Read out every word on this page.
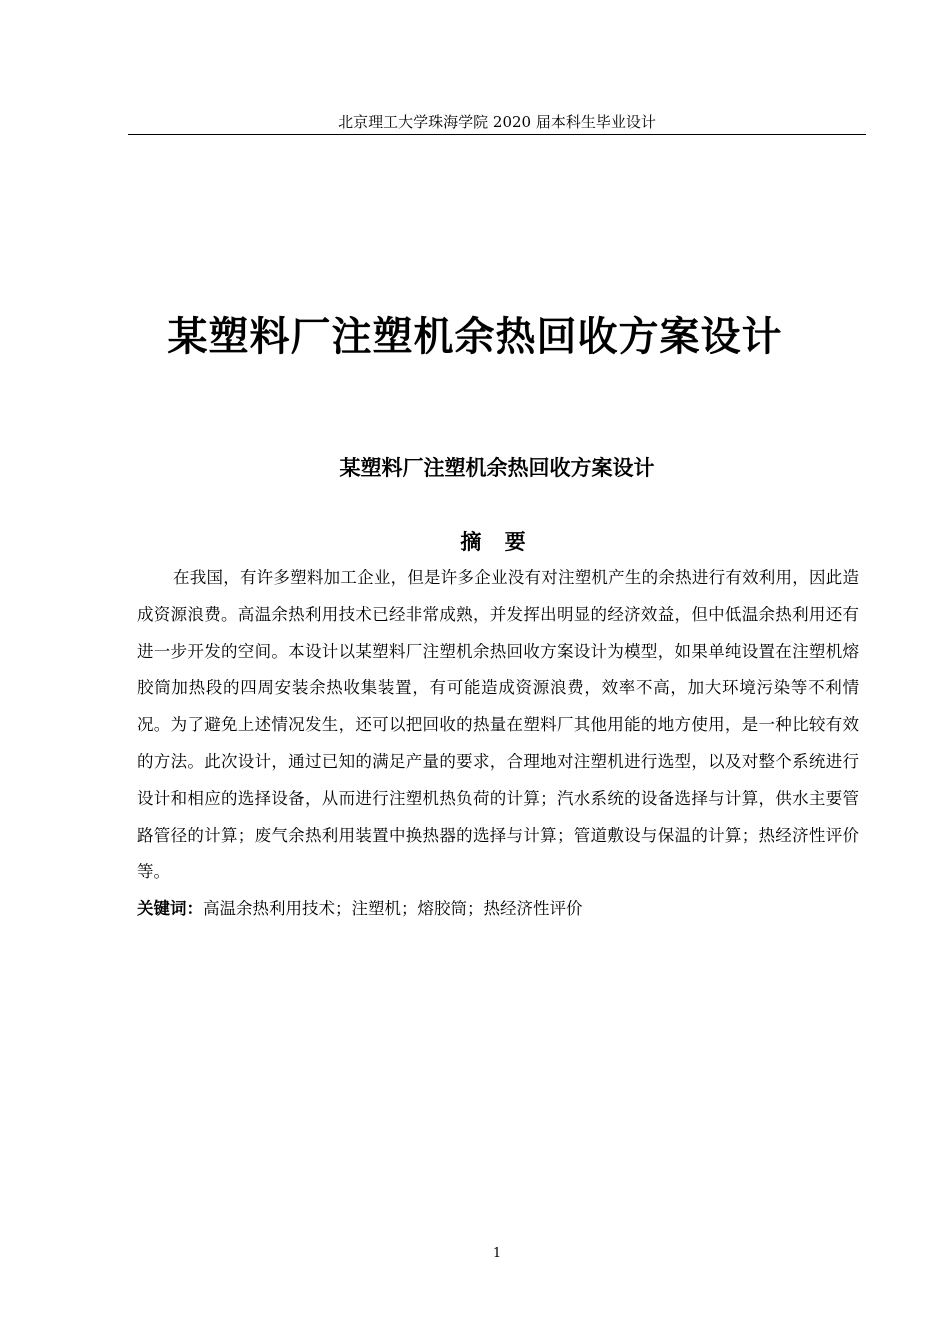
北京理工大学珠海学院 2020 届本科生毕业设计
某塑料厂注塑机余热回收方案设计
某塑料厂注塑机余热回收方案设计
摘 要

在我国，有许多塑料加工企业，但是许多企业没有对注塑机产生的余热进行有效利用，因此造成资源浪费。高温余热利用技术已经非常成熟，并发挥出明显的经济效益，但中低温余热利用还有进一步开发的空间。本设计以某塑料厂注塑机余热回收方案设计为模型，如果单纯设置在注塑机熔胶筒加热段的四周安装余热收集装置，有可能造成资源浪费，效率不高，加大环境污染等不利情况。为了避免上述情况发生，还可以把回收的热量在塑料厂其他用能的地方使用，是一种比较有效的方法。此次设计，通过已知的满足产量的要求，合理地对注塑机进行选型，以及对整个系统进行设计和相应的选择设备，从而进行注塑机热负荷的计算；汽水系统的设备选择与计算，供水主要管路管径的计算；废气余热利用装置中换热器的选择与计算；管道敷设与保温的计算；热经济性评价等。

关键词：高温余热利用技术；注塑机；熔胶筒；热经济性评价
1
